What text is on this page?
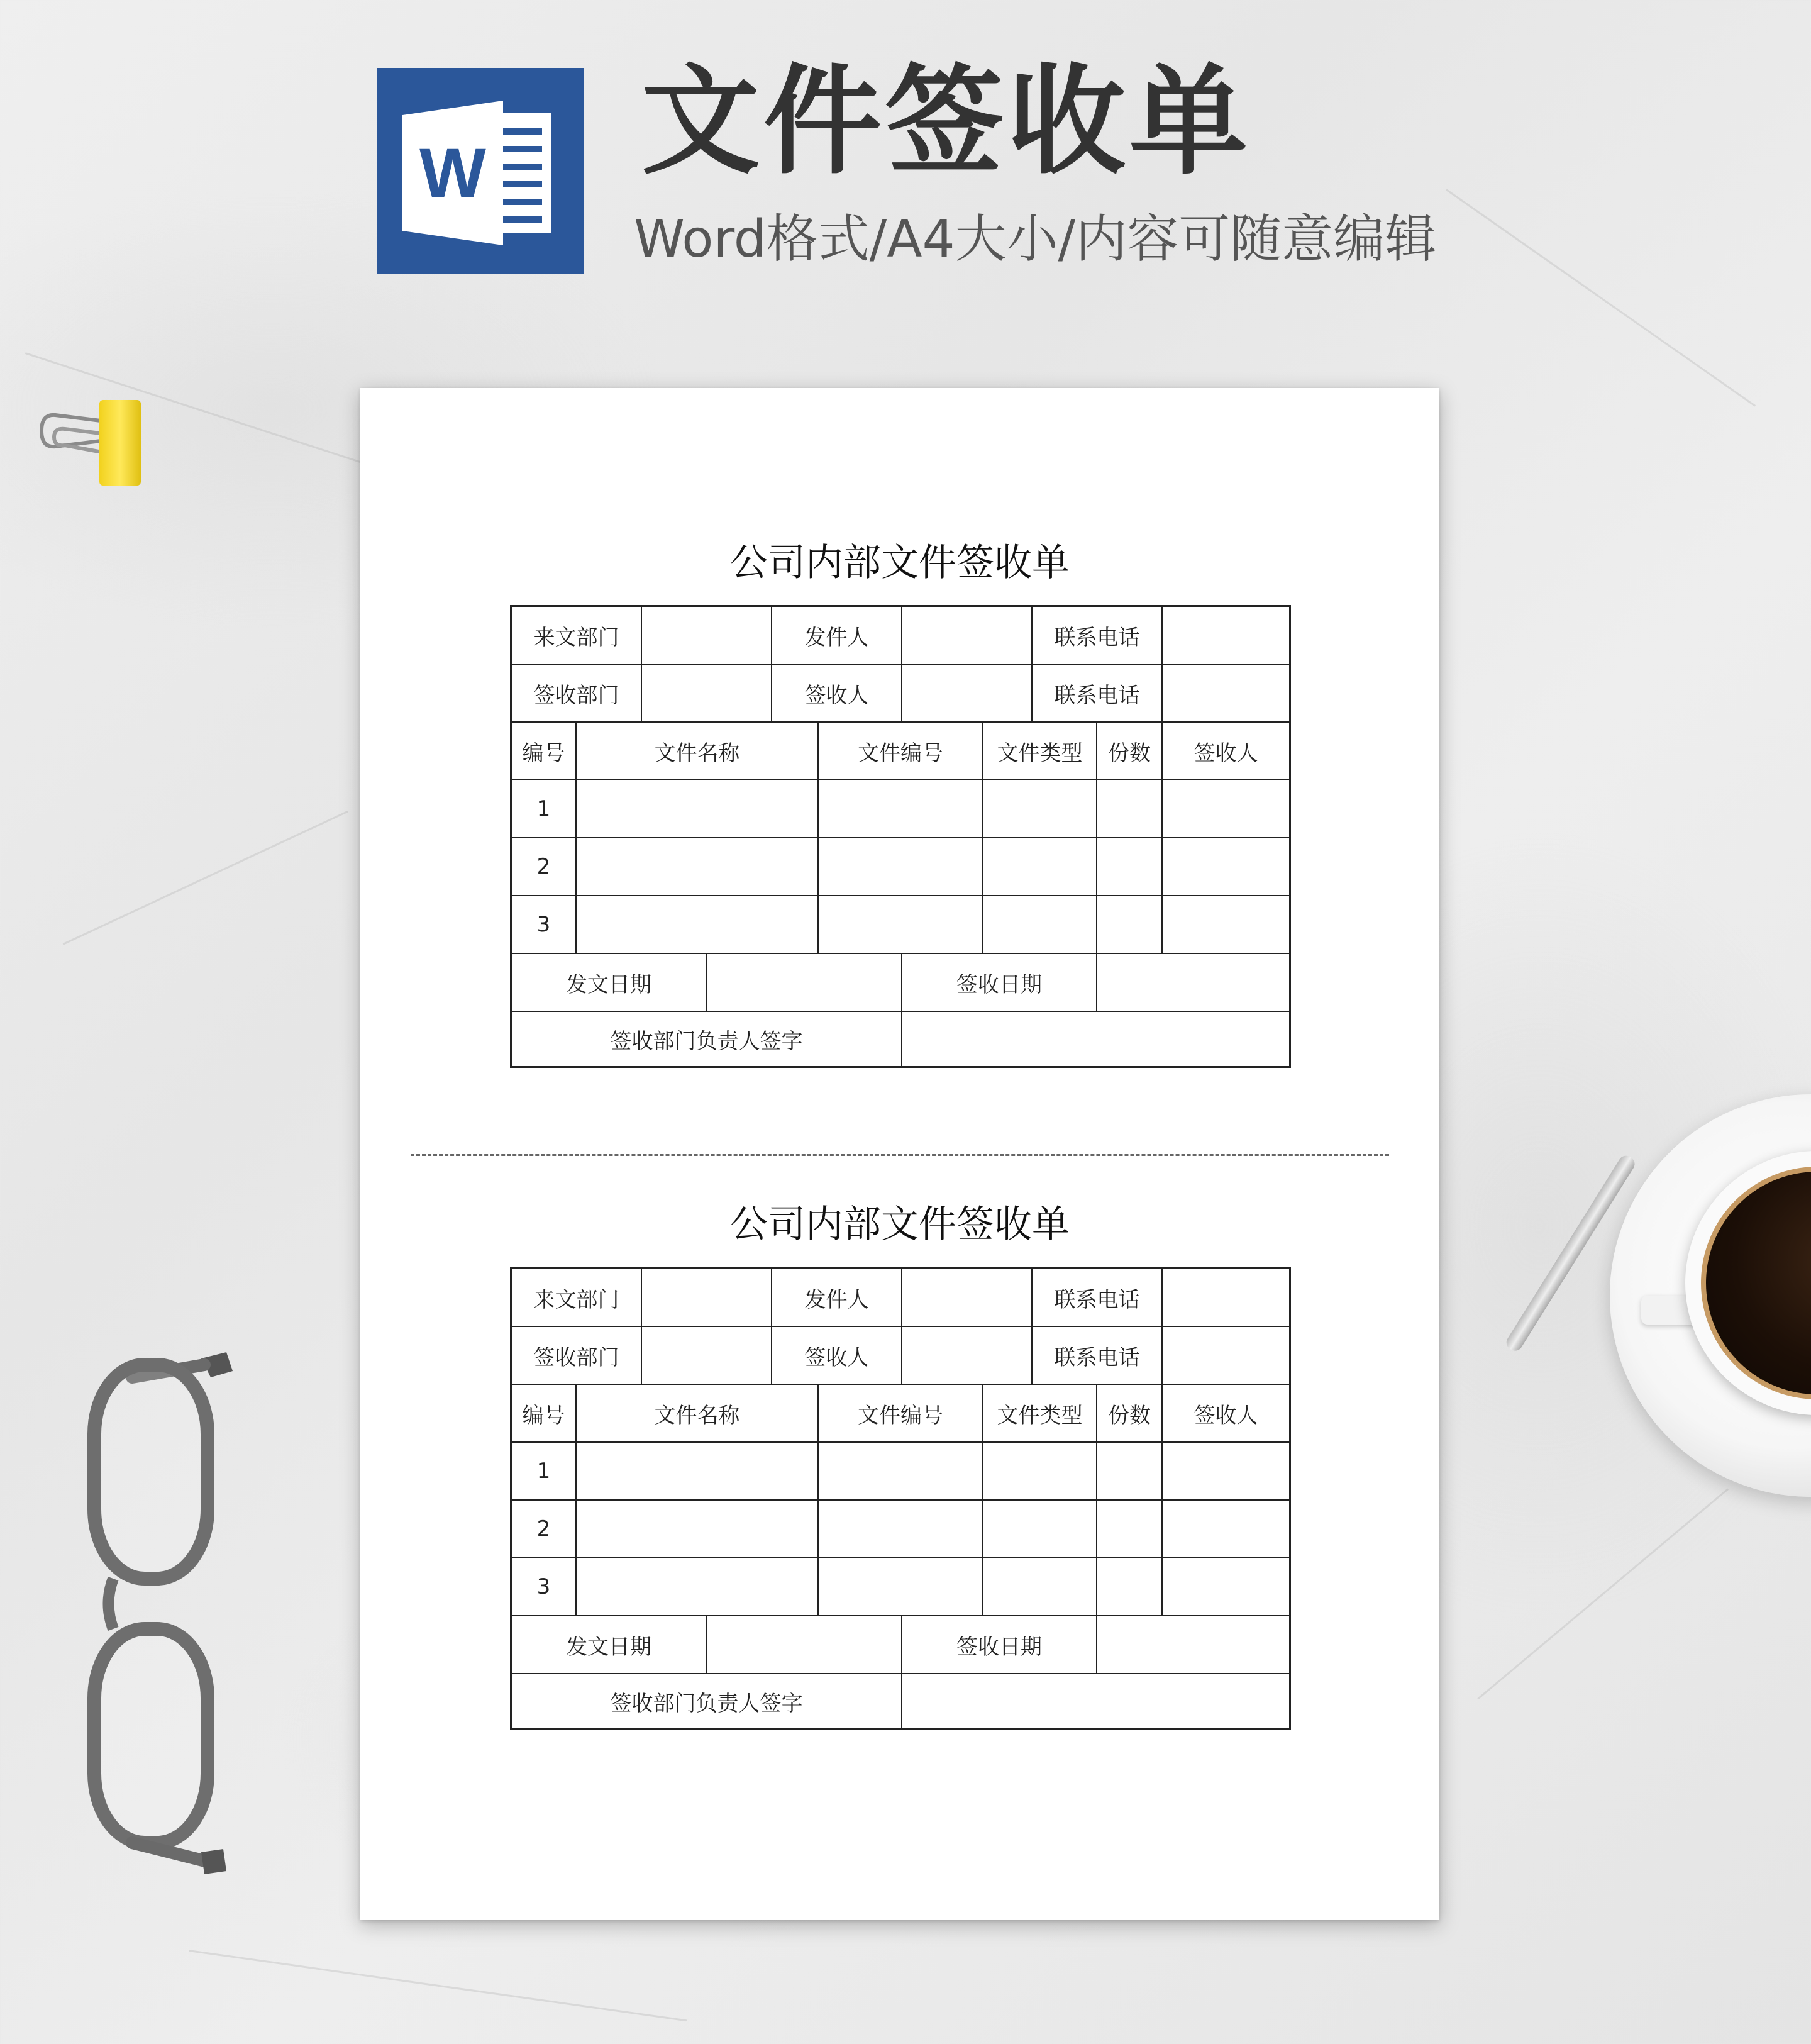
W 文件签收单
Word格式/A4大小/内容可随意编辑
公司内部文件签收单
来文部门	发件人	联系电话
签收部门	签收人	联系电话
编号	文件名称	文件编号	文件类型	份数	签收人
1
2
3
发文日期	签收日期
签收部门负责人签字
公司内部文件签收单
来文部门	发件人	联系电话
签收部门	签收人	联系电话
编号	文件名称	文件编号	文件类型	份数	签收人
1
2
3
发文日期	签收日期
签收部门负责人签字
